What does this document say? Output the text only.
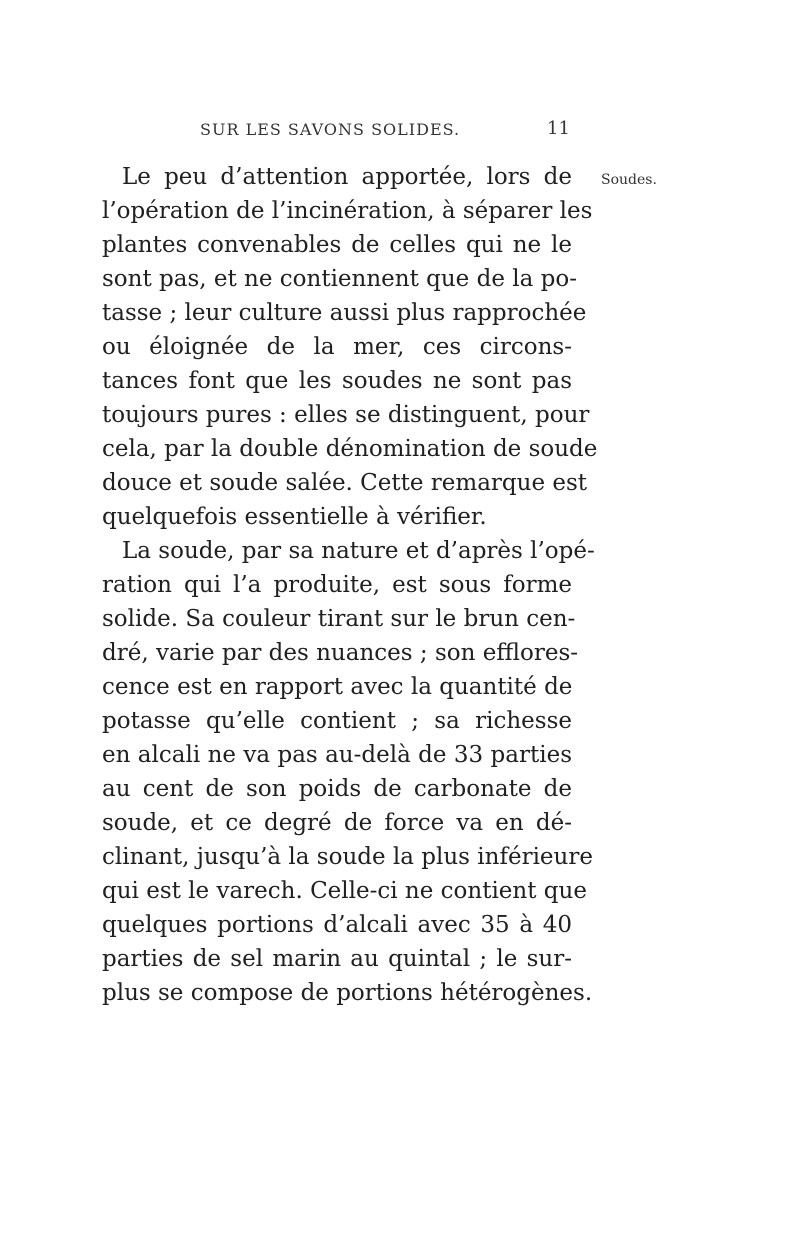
SUR LES SAVONS SOLIDES.	11
Soudes.
Le peu d’attention apportée, lors de
l’opération de l’incinération, à séparer les
plantes convenables de celles qui ne le
sont pas, et ne contiennent que de la po-
tasse ; leur culture aussi plus rapprochée
ou éloignée de la mer, ces circons-
tances font que les soudes ne sont pas
toujours pures : elles se distinguent, pour
cela, par la double dénomination de soude
douce et soude salée. Cette remarque est
quelquefois essentielle à vérifier.
La soude, par sa nature et d’après l’opé-
ration qui l’a produite, est sous forme
solide. Sa couleur tirant sur le brun cen-
dré, varie par des nuances ; son efflores-
cence est en rapport avec la quantité de
potasse qu’elle contient ; sa richesse
en alcali ne va pas au-delà de 33 parties
au cent de son poids de carbonate de
soude, et ce degré de force va en dé-
clinant, jusqu’à la soude la plus inférieure
qui est le varech. Celle-ci ne contient que
quelques portions d’alcali avec 35 à 40
parties de sel marin au quintal ; le sur-
plus se compose de portions hétérogènes.
